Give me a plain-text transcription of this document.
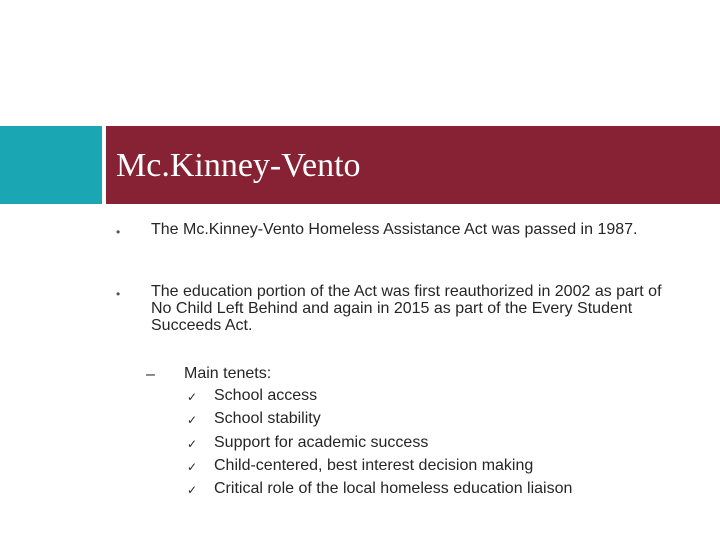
Mc.Kinney-Vento
• The Mc.Kinney-Vento Homeless Assistance Act was passed in 1987.
• The education portion of the Act was first reauthorized in 2002 as part of No Child Left Behind and again in 2015 as part of the Every Student Succeeds Act.
– Main tenets:
✓ School access
✓ School stability
✓ Support for academic success
✓ Child-centered, best interest decision making
✓ Critical role of the local homeless education liaison
